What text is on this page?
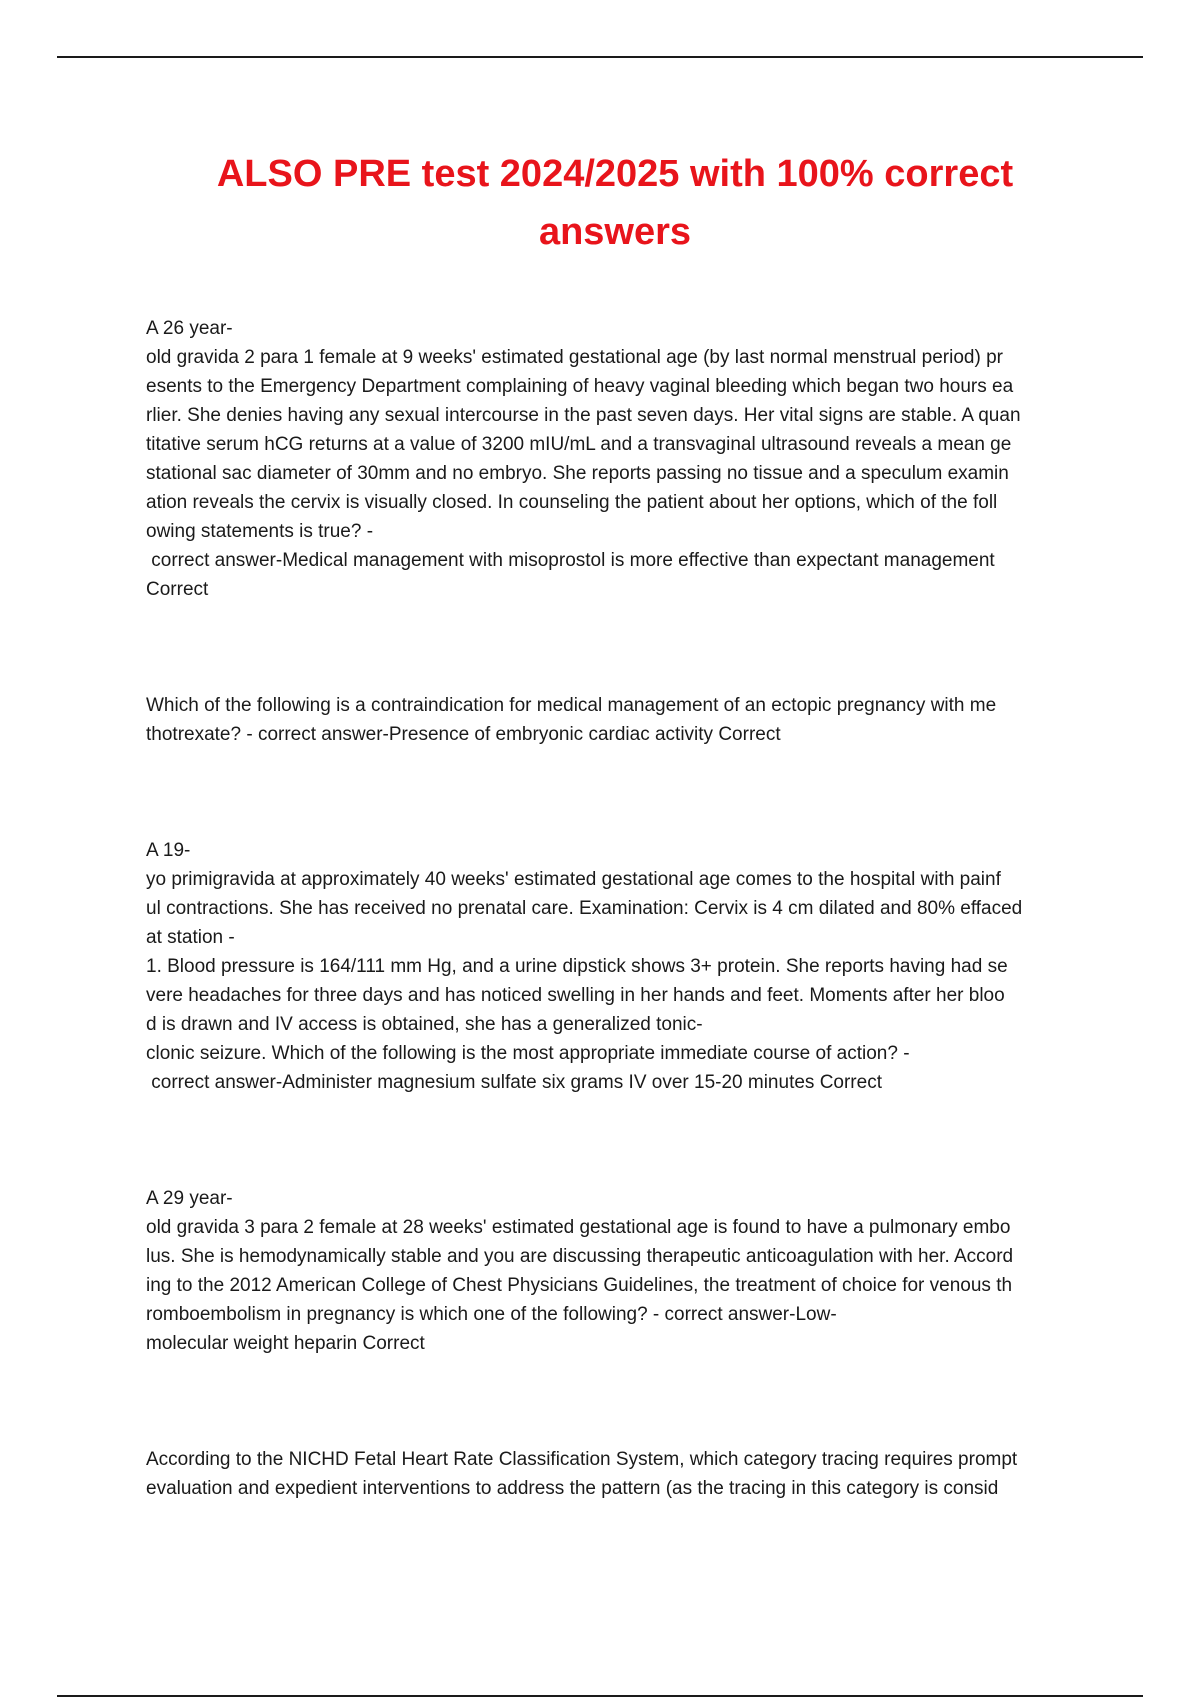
ALSO PRE test 2024/2025 with 100% correct
answers
A 26 year-
old gravida 2 para 1 female at 9 weeks' estimated gestational age (by last normal menstrual period) pr
esents to the Emergency Department complaining of heavy vaginal bleeding which began two hours ea
rlier. She denies having any sexual intercourse in the past seven days. Her vital signs are stable. A quan
titative serum hCG returns at a value of 3200 mIU/mL and a transvaginal ultrasound reveals a mean ge
stational sac diameter of 30mm and no embryo. She reports passing no tissue and a speculum examin
ation reveals the cervix is visually closed. In counseling the patient about her options, which of the foll
owing statements is true? -
correct answer-Medical management with misoprostol is more effective than expectant management
Correct
Which of the following is a contraindication for medical management of an ectopic pregnancy with me
thotrexate? - correct answer-Presence of embryonic cardiac activity Correct
A 19-
yo primigravida at approximately 40 weeks' estimated gestational age comes to the hospital with painf
ul contractions. She has received no prenatal care. Examination: Cervix is 4 cm dilated and 80% effaced
at station -
1. Blood pressure is 164/111 mm Hg, and a urine dipstick shows 3+ protein. She reports having had se
vere headaches for three days and has noticed swelling in her hands and feet. Moments after her bloo
d is drawn and IV access is obtained, she has a generalized tonic-
clonic seizure. Which of the following is the most appropriate immediate course of action? -
correct answer-Administer magnesium sulfate six grams IV over 15-20 minutes Correct
A 29 year-
old gravida 3 para 2 female at 28 weeks' estimated gestational age is found to have a pulmonary embo
lus. She is hemodynamically stable and you are discussing therapeutic anticoagulation with her. Accord
ing to the 2012 American College of Chest Physicians Guidelines, the treatment of choice for venous th
romboembolism in pregnancy is which one of the following? - correct answer-Low-
molecular weight heparin Correct
According to the NICHD Fetal Heart Rate Classification System, which category tracing requires prompt
evaluation and expedient interventions to address the pattern (as the tracing in this category is consid
